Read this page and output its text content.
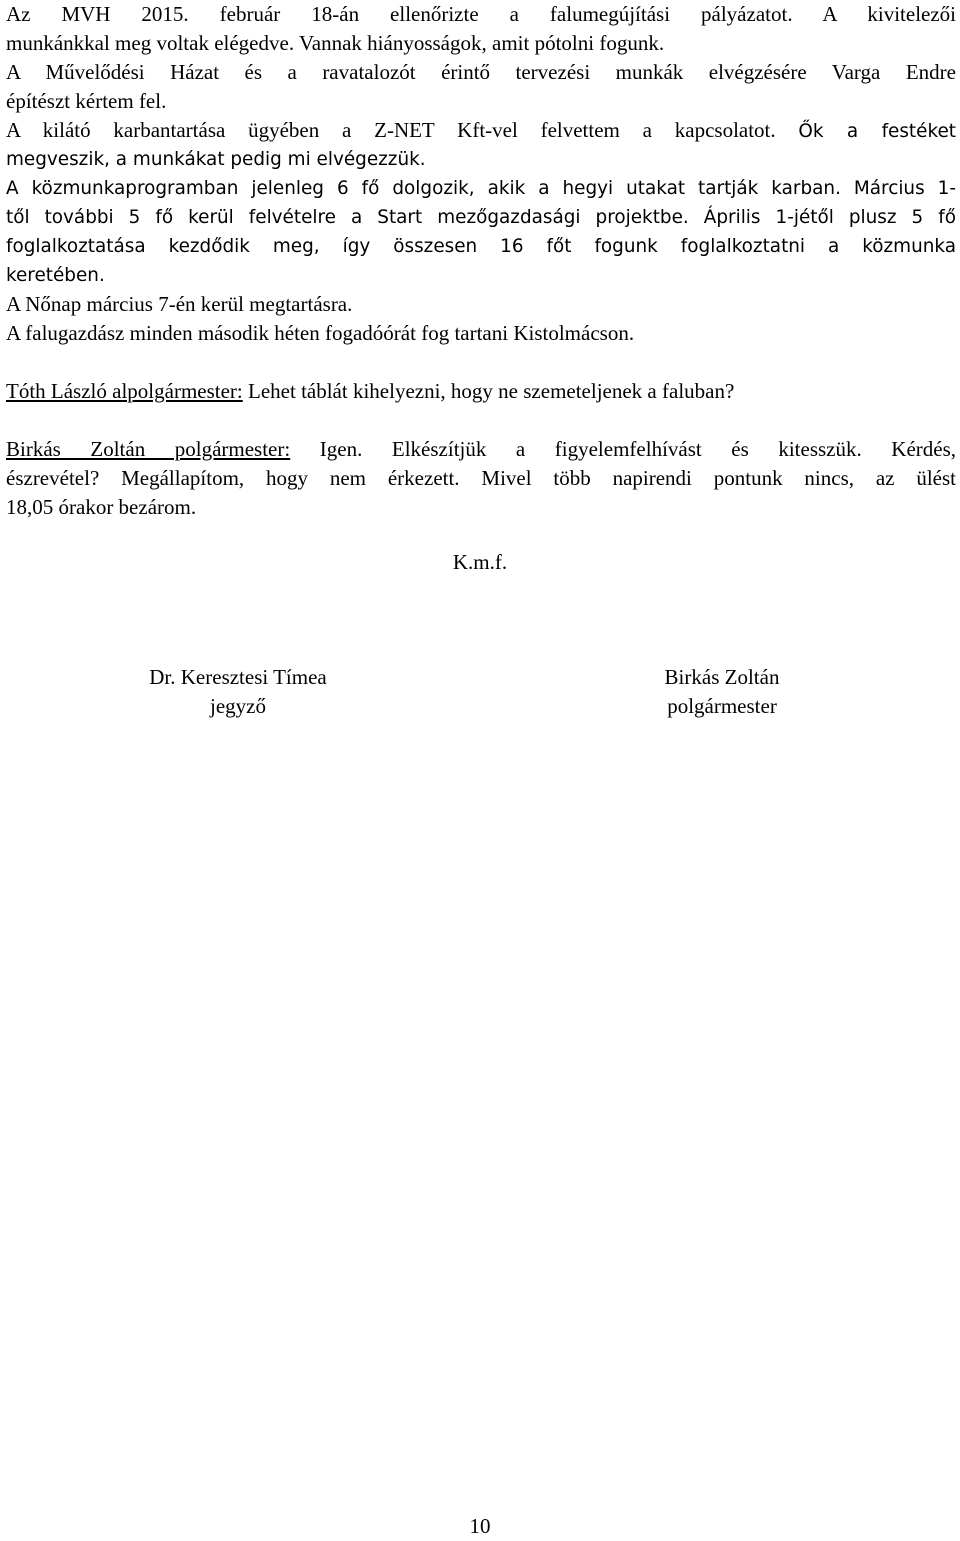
Az MVH 2015. február 18-án ellenőrizte a falumegújítási pályázatot. A kivitelezői
munkánkkal meg voltak elégedve. Vannak hiányosságok, amit pótolni fogunk.
A Művelődési Házat és a ravatalozót érintő tervezési munkák elvégzésére Varga Endre
építészt kértem fel.
A kilátó karbantartása ügyében a Z-NET Kft-vel felvettem a kapcsolatot. Ők a festéket
megveszik, a munkákat pedig mi elvégezzük.
A közmunkaprogramban jelenleg 6 fő dolgozik, akik a hegyi utakat tartják karban. Március 1-
től további 5 fő kerül felvételre a Start mezőgazdasági projektbe. Április 1-jétől plusz 5 fő
foglalkoztatása kezdődik meg, így összesen 16 főt fogunk foglalkoztatni a közmunka
keretében.
A Nőnap március 7-én kerül megtartásra.
A falugazdász minden második héten fogadóórát fog tartani Kistolmácson.
Tóth László alpolgármester: Lehet táblát kihelyezni, hogy ne szemeteljenek a faluban?
Birkás Zoltán polgármester: Igen. Elkészítjük a figyelemfelhívást és kitesszük. Kérdés,
észrevétel? Megállapítom, hogy nem érkezett. Mivel több napirendi pontunk nincs, az ülést
18,05 órakor bezárom.
K.m.f.
Dr. Keresztesi Tímea
jegyző
Birkás Zoltán
polgármester
10
